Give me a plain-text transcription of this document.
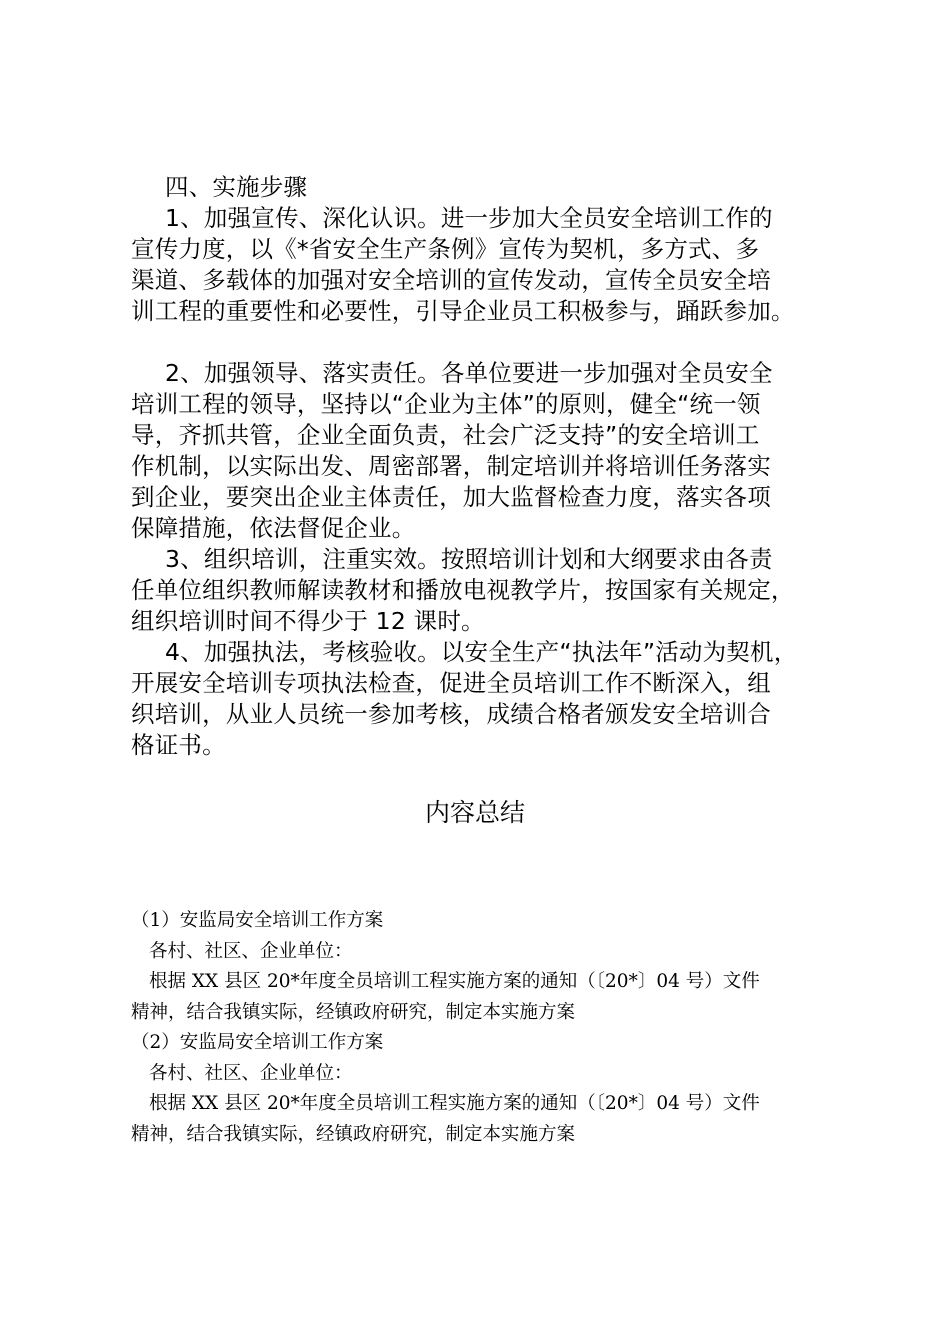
四、实施步骤

1、加强宣传、深化认识。进一步加大全员安全培训工作的

宣传力度，以《*省安全生产条例》宣传为契机，多方式、多

渠道、多载体的加强对安全培训的宣传发动，宣传全员安全培

训工程的重要性和必要性，引导企业员工积极参与，踊跃参加。

2、加强领导、落实责任。各单位要进一步加强对全员安全

培训工程的领导，坚持以“企业为主体”的原则，健全“统一领

导，齐抓共管，企业全面负责，社会广泛支持”的安全培训工

作机制，以实际出发、周密部署，制定培训并将培训任务落实

到企业，要突出企业主体责任，加大监督检查力度，落实各项

保障措施，依法督促企业。

3、组织培训，注重实效。按照培训计划和大纲要求由各责

任单位组织教师解读教材和播放电视教学片，按国家有关规定，

组织培训时间不得少于 12 课时。

4、加强执法，考核验收。以安全生产“执法年”活动为契机，

开展安全培训专项执法检查，促进全员培训工作不断深入，组

织培训，从业人员统一参加考核，成绩合格者颁发安全培训合

格证书。

内容总结

（1）安监局安全培训工作方案

各村、社区、企业单位：

根据 XX 县区 20*年度全员培训工程实施方案的通知（〔20*〕04 号）文件

精神，结合我镇实际，经镇政府研究，制定本实施方案

（2）安监局安全培训工作方案

各村、社区、企业单位：

根据 XX 县区 20*年度全员培训工程实施方案的通知（〔20*〕04 号）文件

精神，结合我镇实际，经镇政府研究，制定本实施方案
